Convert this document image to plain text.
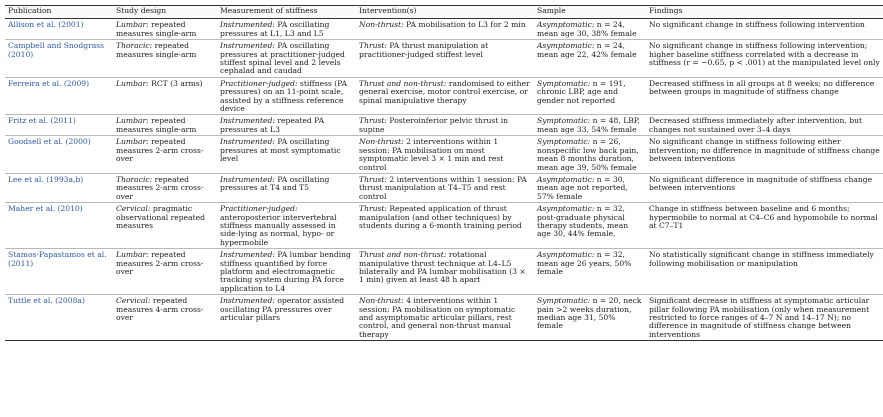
Publication	Study design	Measurement of stiffness	Intervention(s)	Sample	Findings
Allison et al. (2001)	Lumbar: repeated measures single-arm	Instrumented: PA oscillating pressures at L1, L3 and L5	Non-thrust: PA mobilisation to L3 for 2 min	Asymptomatic: n = 24, mean age 30, 38% female	No significant change in stiffness following intervention
Campbell and Snodgrass (2010)	Thoracic: repeated measures single-arm	Instrumented: PA oscillating pressures at practitioner-judged stiffest spinal level and 2 levels cephalad and caudad	Thrust: PA thrust manipulation at practitioner-judged stiffest level	Asymptomatic: n = 24, mean age 22, 42% female	No significant change in stiffness following intervention; higher baseline stiffness correlated with a decrease in stiffness (r = −0.65, p < .001) at the manipulated level only
Ferreira et al. (2009)	Lumbar: RCT (3 arms)	Practitioner-judged: stiffness (PA pressures) on an 11-point scale, assisted by a stiffness reference device	Thrust and non-thrust: randomised to either general exercise, motor control exercise, or spinal manipulative therapy	Symptomatic: n = 191, chronic LBP, age and gender not reported	Decreased stiffness in all groups at 8 weeks; no difference between groups in magnitude of stiffness change
Fritz et al. (2011)	Lumbar: repeated measures single-arm	Instrumented: repeated PA pressures at L3	Thrust: Posteroinferior pelvic thrust in supine	Symptomatic: n = 48, LBP, mean age 33, 54% female	Decreased stiffness immediately after intervention, but changes not sustained over 3–4 days
Goodsell et al. (2000)	Lumbar: repeated measures 2-arm cross-over	Instrumented: PA oscillating pressures at most symptomatic level	Non-thrust: 2 interventions within 1 session: PA mobilisation on most symptomatic level 3 × 1 min and rest control	Symptomatic: n = 26, nonspecific low back pain, mean 8 months duration, mean age 39, 50% female	No significant change in stiffness following either intervention; no difference in magnitude of stiffness change between interventions
Lee et al. (1993a,b)	Thoracic: repeated measures 2-arm cross-over	Instrumented: PA oscillating pressures at T4 and T5	Thrust: 2 interventions within 1 session: PA thrust manipulation at T4–T5 and rest control	Asymptomatic: n = 30, mean age not reported, 57% female	No significant difference in magnitude of stiffness change between interventions
Maher et al. (2010)	Cervical: pragmatic observational repeated measures	Practitioner-judged: anteroposterior intervertebral stiffness manually assessed in side-lying as normal, hypo- or hypermobile	Thrust: Repeated application of thrust manipulation (and other techniques) by students during a 6-month training period	Asymptomatic: n = 32, post-graduate physical therapy students, mean age 30, 44% female,	Change in stiffness between baseline and 6 months; hypermobile to normal at C4–C6 and hypomobile to normal at C7–T1
Stamos-Papastamos et al. (2011)	Lumbar: repeated measures 2-arm cross-over	Instrumented: PA lumbar bending stiffness quantified by force platform and electromagnetic tracking system during PA force application to L4	Thrust and non-thrust: rotational manipulative thrust technique at L4–L5 bilaterally and PA lumbar mobilisation (3 × 1 min) given at least 48 h apart	Asymptomatic: n = 32, mean age 26 years, 50% female	No statistically significant change in stiffness immediately following mobilisation or manipulation
Tuttle et al. (2008a)	Cervical: repeated measures 4-arm cross-over	Instrumented: operator assisted oscillating PA pressures over articular pillars	Non-thrust: 4 interventions within 1 session: PA mobilisation on symptomatic and asymptomatic articular pillars, rest control, and general non-thrust manual therapy	Symptomatic: n = 20, neck pain >2 weeks duration, median age 31, 50% female	Significant decrease in stiffness at symptomatic articular pillar following PA mobilisation (only when measurement restricted to force ranges of 4–7 N and 14–17 N); no difference in magnitude of stiffness change between interventions
